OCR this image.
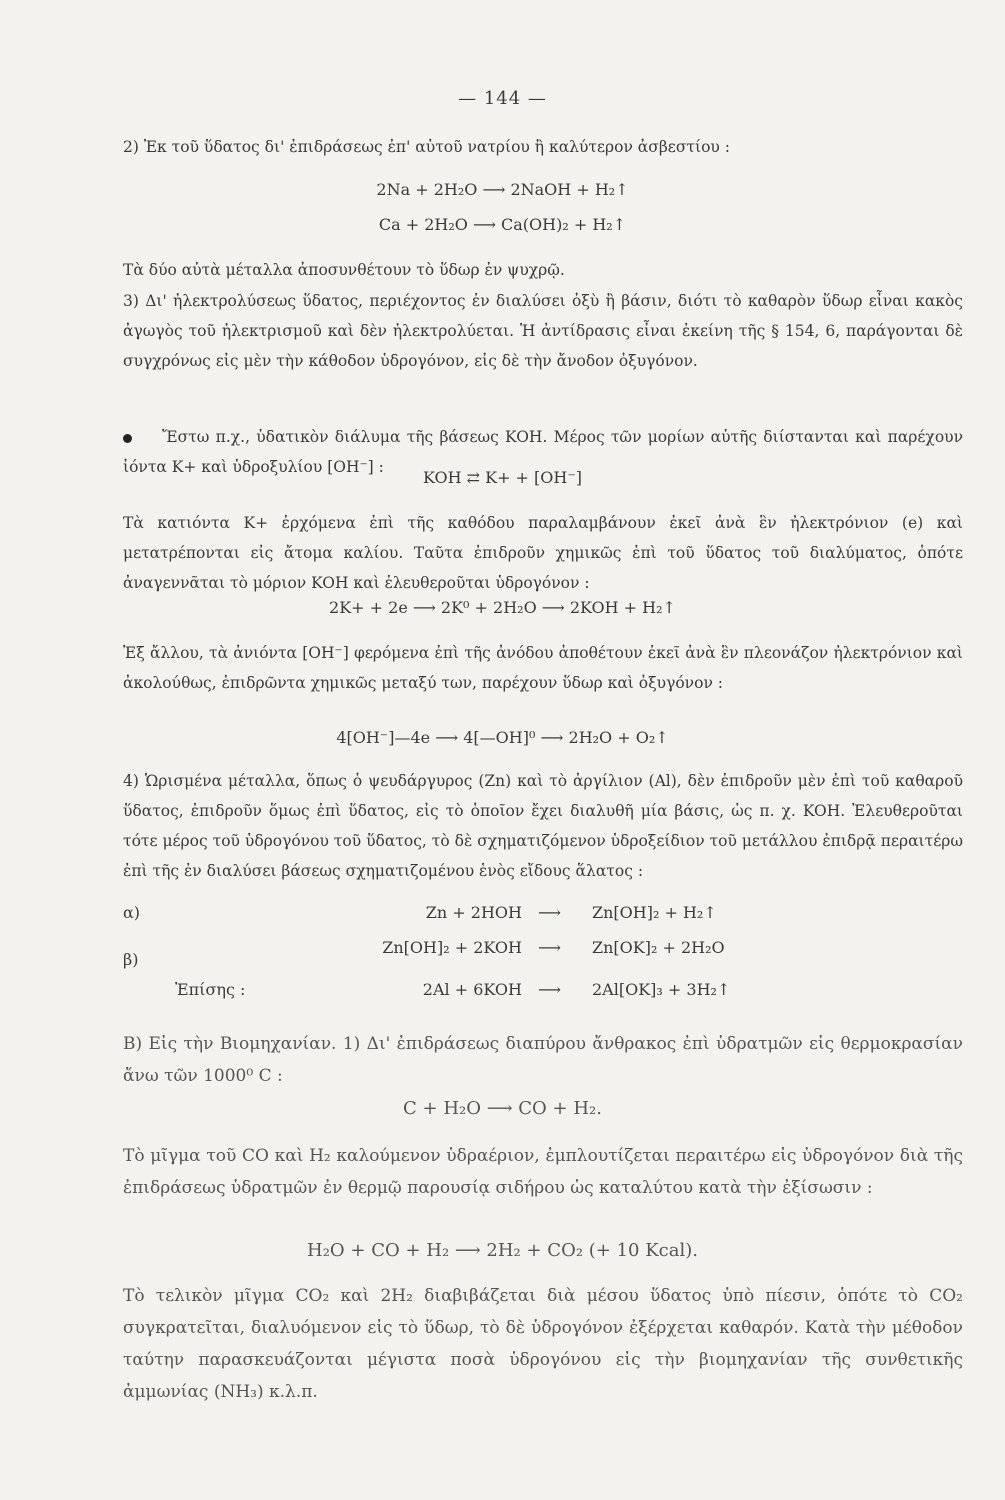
— 144 —

2) Ἐκ τοῦ ὕδατος δι' ἐπιδράσεως ἐπ' αὐτοῦ νατρίου ἢ καλύτερον ἀσβεστίου :

2Na + 2H₂O ⟶ 2NaOH + H₂↑

Ca + 2H₂O ⟶ Ca(OH)₂ + H₂↑

Τὰ δύο αὐτὰ μέταλλα ἀποσυνθέτουν τὸ ὕδωρ ἐν ψυχρῷ.

3) Δι' ἠλεκτρολύσεως ὕδατος, περιέχοντος ἐν διαλύσει ὀξὺ ἢ βάσιν, διότι τὸ καθαρὸν ὕδωρ εἶναι κακὸς ἀγωγὸς τοῦ ἠλεκτρισμοῦ καὶ δὲν ἠλεκτρολύεται. Ἡ ἀντίδρασις εἶναι ἐκείνη τῆς § 154, 6, παράγονται δὲ συγχρόνως εἰς μὲν τὴν κάθοδον ὑδρογόνον, εἰς δὲ τὴν ἄνοδον ὀξυγόνον.

Ἔστω π.χ., ὑδατικὸν διάλυμα τῆς βάσεως KOH. Μέρος τῶν μορίων αὐτῆς διίστανται καὶ παρέχουν ἰόντα K+ καὶ ὑδροξυλίου [OH⁻] :

KOH ⇄ K+ + [OH⁻]

Τὰ κατιόντα K+ ἐρχόμενα ἐπὶ τῆς καθόδου παραλαμβάνουν ἐκεῖ ἀνὰ ἓν ἠλεκτρόνιον (e) καὶ μετατρέπονται εἰς ἄτομα καλίου. Ταῦτα ἐπιδροῦν χημικῶς ἐπὶ τοῦ ὕδατος τοῦ διαλύματος, ὁπότε ἀναγεννᾶται τὸ μόριον KOH καὶ ἐλευθεροῦται ὑδρογόνον :

2K+ + 2e ⟶ 2K⁰ + 2H₂O ⟶ 2KOH + H₂↑

Ἐξ ἄλλου, τὰ ἀνιόντα [OH⁻] φερόμενα ἐπὶ τῆς ἀνόδου ἀποθέτουν ἐκεῖ ἀνὰ ἓν πλεονάζον ἠλεκτρόνιον καὶ ἀκολούθως, ἐπιδρῶντα χημικῶς μεταξύ των, παρέχουν ὕδωρ καὶ ὀξυγόνον :

4[OH⁻]—4e ⟶ 4[—OH]⁰ ⟶ 2H₂O + O₂↑

4) Ὡρισμένα μέταλλα, ὅπως ὁ ψευδάργυρος (Zn) καὶ τὸ ἀργίλιον (Al), δὲν ἐπιδροῦν μὲν ἐπὶ τοῦ καθαροῦ ὕδατος, ἐπιδροῦν ὅμως ἐπὶ ὕδατος, εἰς τὸ ὁποῖον ἔχει διαλυθῆ μία βάσις, ὡς π. χ. KOH. Ἐλευθεροῦται τότε μέρος τοῦ ὑδρογόνου τοῦ ὕδατος, τὸ δὲ σχηματιζόμενον ὑδροξείδιον τοῦ μετάλλου ἐπιδρᾷ περαιτέρω ἐπὶ τῆς ἐν διαλύσει βάσεως σχηματιζομένου ἑνὸς εἴδους ἅλατος :

α)	Zn + 2HOH ⟶ Zn[OH]₂ + H₂↑
β)
Zn[OH]₂ + 2KOH ⟶ Zn[OK]₂ + 2H₂O
Ἐπίσης :	2Al + 6KOH ⟶ 2Al[OK]₃ + 3H₂↑

B) Εἰς τὴν Βιομηχανίαν. 1) Δι' ἐπιδράσεως διαπύρου ἄνθρακος ἐπὶ ὑδρατμῶν εἰς θερμοκρασίαν ἄνω τῶν 1000⁰ C :

C + H₂O ⟶ CO + H₂.

Τὸ μῖγμα τοῦ CO καὶ H₂ καλούμενον ὑδραέριον, ἐμπλουτίζεται περαιτέρω εἰς ὑδρογόνον διὰ τῆς ἐπιδράσεως ὑδρατμῶν ἐν θερμῷ παρουσίᾳ σιδήρου ὡς καταλύτου κατὰ τὴν ἐξίσωσιν :

H₂O + CO + H₂ ⟶ 2H₂ + CO₂ (+ 10 Kcal).

Τὸ τελικὸν μῖγμα CO₂ καὶ 2H₂ διαβιβάζεται διὰ μέσου ὕδατος ὑπὸ πίεσιν, ὁπότε τὸ CO₂ συγκρατεῖται, διαλυόμενον εἰς τὸ ὕδωρ, τὸ δὲ ὑδρογόνον ἐξέρχεται καθαρόν. Κατὰ τὴν μέθοδον ταύτην παρασκευάζονται μέγιστα ποσὰ ὑδρογόνου εἰς τὴν βιομηχανίαν τῆς συνθετικῆς ἀμμωνίας (NH₃) κ.λ.π.
